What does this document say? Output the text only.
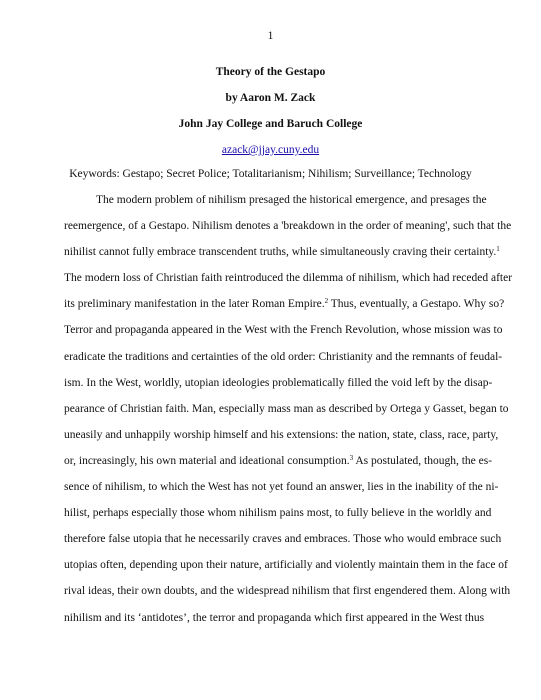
1
Theory of the Gestapo
by Aaron M. Zack
John Jay College and Baruch College
azack@jjay.cuny.edu
Keywords: Gestapo; Secret Police; Totalitarianism; Nihilism; Surveillance; Technology
The modern problem of nihilism presaged the historical emergence, and presages the
reemergence, of a Gestapo. Nihilism denotes a 'breakdown in the order of meaning', such that the
nihilist cannot fully embrace transcendent truths, while simultaneously craving their certainty.$^1$
The modern loss of Christian faith reintroduced the dilemma of nihilism, which had receded after
its preliminary manifestation in the later Roman Empire.$^2$ Thus, eventually, a Gestapo. Why so?
Terror and propaganda appeared in the West with the French Revolution, whose mission was to
eradicate the traditions and certainties of the old order: Christianity and the remnants of feudal-
ism. In the West, worldly, utopian ideologies problematically filled the void left by the disap-
pearance of Christian faith. Man, especially mass man as described by Ortega y Gasset, began to
uneasily and unhappily worship himself and his extensions: the nation, state, class, race, party,
or, increasingly, his own material and ideational consumption.$^3$ As postulated, though, the es-
sence of nihilism, to which the West has not yet found an answer, lies in the inability of the ni-
hilist, perhaps especially those whom nihilism pains most, to fully believe in the worldly and
therefore false utopia that he necessarily craves and embraces. Those who would embrace such
utopias often, depending upon their nature, artificially and violently maintain them in the face of
rival ideas, their own doubts, and the widespread nihilism that first engendered them. Along with
nihilism and its ‘antidotes’, the terror and propaganda which first appeared in the West thus
